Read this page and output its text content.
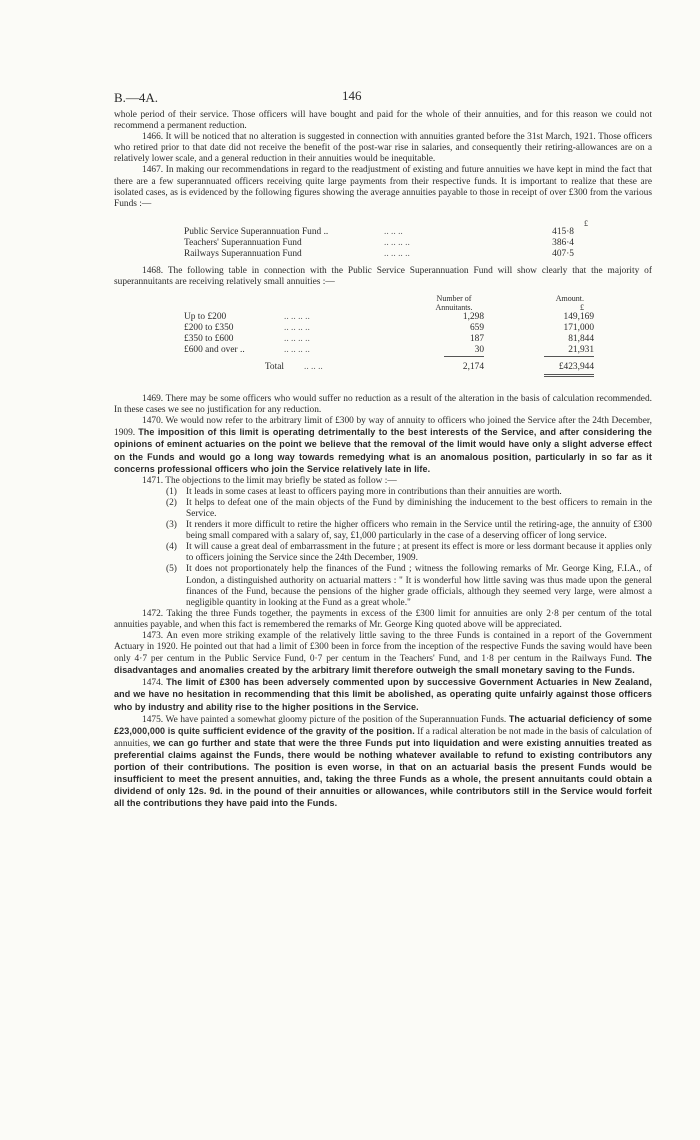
B.—4A.	146

whole period of their service. Those officers will have bought and paid for the whole of their annuities, and for this reason we could not recommend a permanent reduction.

1466. It will be noticed that no alteration is suggested in connection with annuities granted before the 31st March, 1921. Those officers who retired prior to that date did not receive the benefit of the post-war rise in salaries, and consequently their retiring-allowances are on a relatively lower scale, and a general reduction in their annuities would be inequitable.

1467. In making our recommendations in regard to the readjustment of existing and future annuities we have kept in mind the fact that there are a few superannuated officers receiving quite large payments from their respective funds. It is important to realize that these are isolated cases, as is evidenced by the following figures showing the average annuities payable to those in receipt of over £300 from the various Funds :—

£
Public Service Superannuation Fund ..	.. .. ..	415·8
Teachers' Superannuation Fund	.. .. .. ..	386·4
Railways Superannuation Fund	.. .. .. ..	407·5

1468. The following table in connection with the Public Service Superannuation Fund will show clearly that the majority of superannuitants are receiving relatively small annuities :—

Number of
Annuitants.
Amount.
£
Up to £200	.. .. .. ..	1,298	149,169
£200 to £350	.. .. .. ..	659	171,000
£350 to £600	.. .. .. ..	187	81,844
£600 and over ..	.. .. .. ..	30	21,931
Total	.. .. ..	2,174	£423,944

1469. There may be some officers who would suffer no reduction as a result of the alteration in the basis of calculation recommended. In these cases we see no justification for any reduction.

1470. We would now refer to the arbitrary limit of £300 by way of annuity to officers who joined the Service after the 24th December, 1909. The imposition of this limit is operating detrimentally to the best interests of the Service, and after considering the opinions of eminent actuaries on the point we believe that the removal of the limit would have only a slight adverse effect on the Funds and would go a long way towards remedying what is an anomalous position, particularly in so far as it concerns professional officers who join the Service relatively late in life.

1471. The objections to the limit may briefly be stated as follow :—

(1) It leads in some cases at least to officers paying more in contributions than their annuities are worth.
(2) It helps to defeat one of the main objects of the Fund by diminishing the inducement to the best officers to remain in the Service.
(3) It renders it more difficult to retire the higher officers who remain in the Service until the retiring-age, the annuity of £300 being small compared with a salary of, say, £1,000 particularly in the case of a deserving officer of long service.
(4) It will cause a great deal of embarrassment in the future ; at present its effect is more or less dormant because it applies only to officers joining the Service since the 24th December, 1909.
(5) It does not proportionately help the finances of the Fund ; witness the following remarks of Mr. George King, F.I.A., of London, a distinguished authority on actuarial matters : " It is wonderful how little saving was thus made upon the general finances of the Fund, because the pensions of the higher grade officials, although they seemed very large, were almost a negligible quantity in looking at the Fund as a great whole."

1472. Taking the three Funds together, the payments in excess of the £300 limit for annuities are only 2·8 per centum of the total annuities payable, and when this fact is remembered the remarks of Mr. George King quoted above will be appreciated.

1473. An even more striking example of the relatively little saving to the three Funds is contained in a report of the Government Actuary in 1920. He pointed out that had a limit of £300 been in force from the inception of the respective Funds the saving would have been only 4·7 per centum in the Public Service Fund, 0·7 per centum in the Teachers' Fund, and 1·8 per centum in the Railways Fund. The disadvantages and anomalies created by the arbitrary limit therefore outweigh the small monetary saving to the Funds.

1474. The limit of £300 has been adversely commented upon by successive Government Actuaries in New Zealand, and we have no hesitation in recommending that this limit be abolished, as operating quite unfairly against those officers who by industry and ability rise to the higher positions in the Service.

1475. We have painted a somewhat gloomy picture of the position of the Superannuation Funds. The actuarial deficiency of some £23,000,000 is quite sufficient evidence of the gravity of the position. If a radical alteration be not made in the basis of calculation of annuities, we can go further and state that were the three Funds put into liquidation and were existing annuities treated as preferential claims against the Funds, there would be nothing whatever available to refund to existing contributors any portion of their contributions. The position is even worse, in that on an actuarial basis the present Funds would be insufficient to meet the present annuities, and, taking the three Funds as a whole, the present annuitants could obtain a dividend of only 12s. 9d. in the pound of their annuities or allowances, while contributors still in the Service would forfeit all the contributions they have paid into the Funds.
